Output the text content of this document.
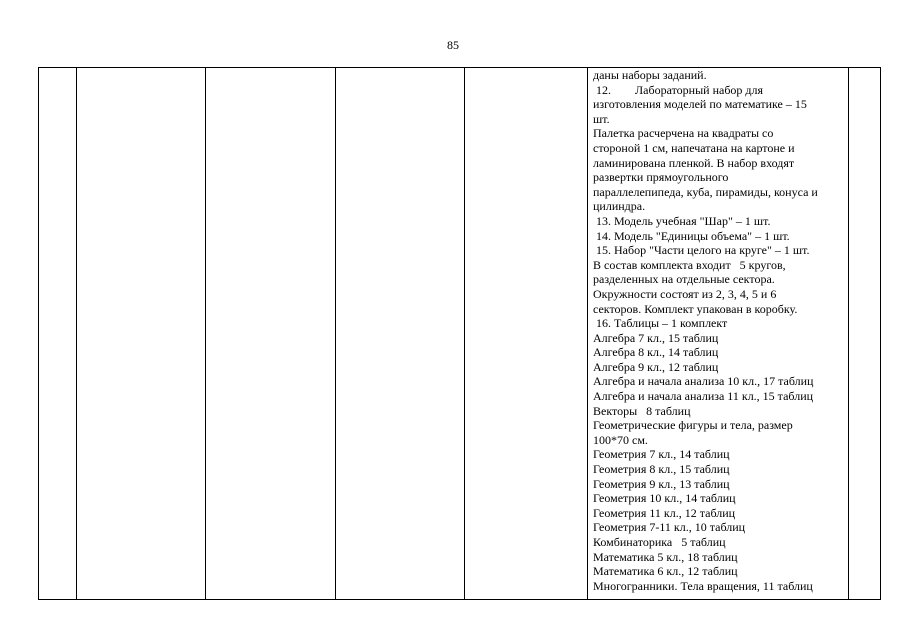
85
даны наборы заданий.
12.        Лабораторный набор для
изготовления моделей по математике – 15
шт.
Палетка расчерчена на квадраты со
стороной 1 см, напечатана на картоне и
ламинирована пленкой. В набор входят
развертки прямоугольного
параллелепипеда, куба, пирамиды, конуса и
цилиндра.
13. Модель учебная "Шар" – 1 шт.
14. Модель "Единицы объема" – 1 шт.
15. Набор "Части целого на круге" – 1 шт.
В состав комплекта входит   5 кругов,
разделенных на отдельные сектора.
Окружности состоят из 2, 3, 4, 5 и 6
секторов. Комплект упакован в коробку.
16. Таблицы – 1 комплект
Алгебра 7 кл., 15 таблиц
Алгебра 8 кл., 14 таблиц
Алгебра 9 кл., 12 таблиц
Алгебра и начала анализа 10 кл., 17 таблиц
Алгебра и начала анализа 11 кл., 15 таблиц
Векторы   8 таблиц
Геометрические фигуры и тела, размер
100*70 см.
Геометрия 7 кл., 14 таблиц
Геометрия 8 кл., 15 таблиц
Геометрия 9 кл., 13 таблиц
Геометрия 10 кл., 14 таблиц
Геометрия 11 кл., 12 таблиц
Геометрия 7-11 кл., 10 таблиц
Комбинаторика   5 таблиц
Математика 5 кл., 18 таблиц
Математика 6 кл., 12 таблиц
Многогранники. Тела вращения, 11 таблиц
